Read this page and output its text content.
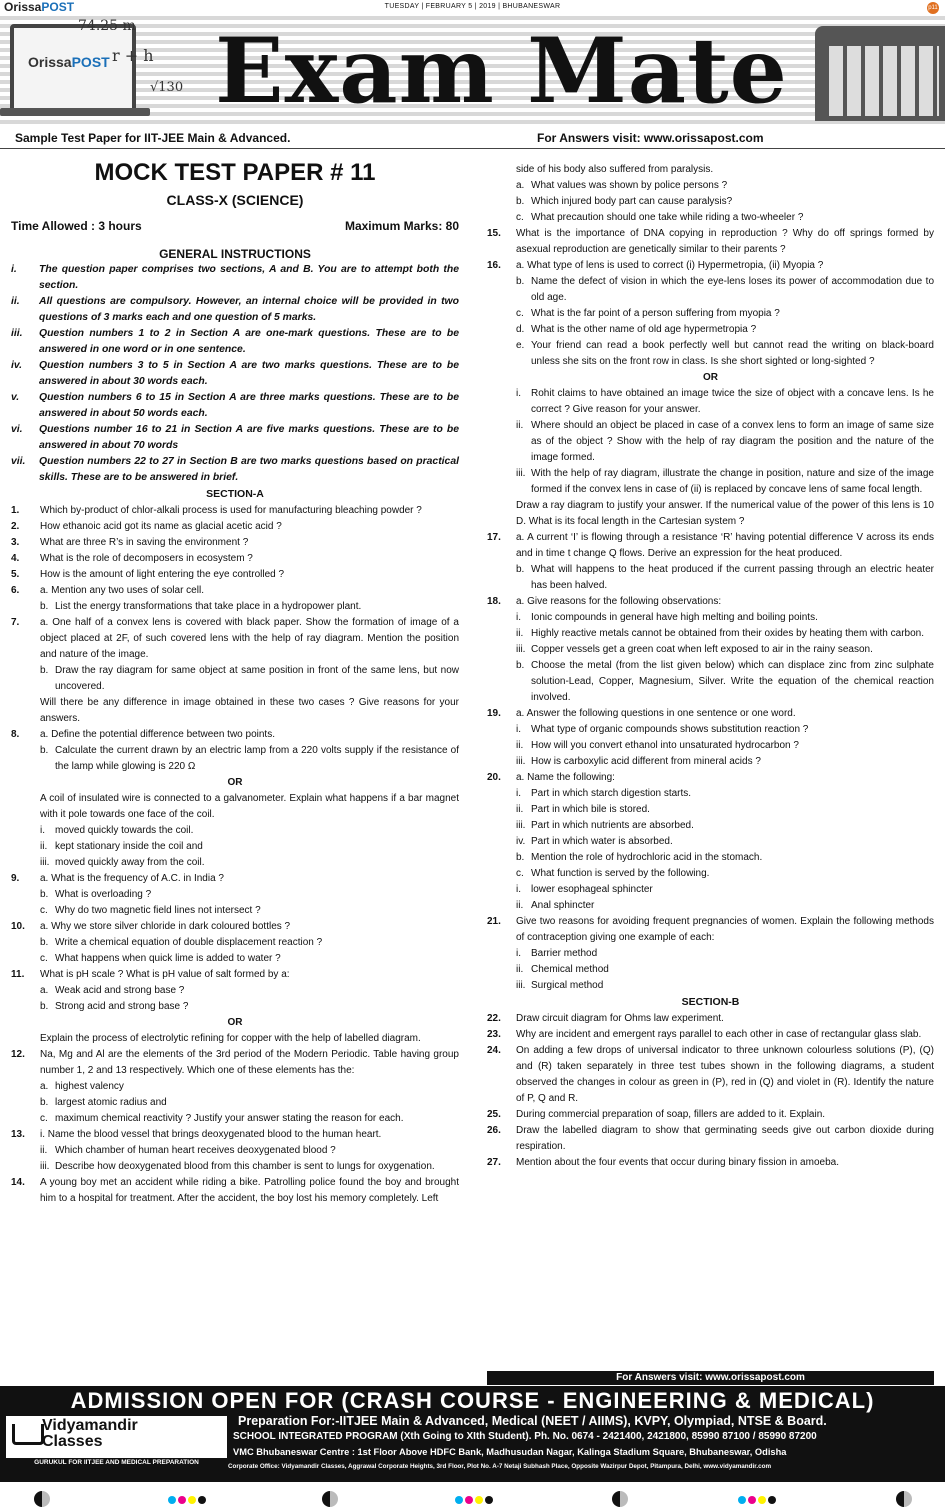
OrissaPOST	TUESDAY | FEBRUARY 5 | 2019 | BHUBANESWAR	p11
OrissaPOST
74.25 m
r + h
√130 Exam Mate
Sample Test Paper for IIT-JEE Main & Advanced.	For Answers visit: www.orissapost.com
MOCK TEST PAPER # 11
CLASS-X (SCIENCE)
Time Allowed : 3 hours	Maximum Marks: 80
GENERAL INSTRUCTIONS
i.	The question paper comprises two sections, A and B. You are to attempt both the section.
ii.	All questions are compulsory. However, an internal choice will be provided in two questions of 3 marks each and one question of 5 marks.
iii.	Question numbers 1 to 2 in Section A are one-mark questions. These are to be answered in one word or in one sentence.
iv.	Question numbers 3 to 5 in Section A are two marks questions. These are to be answered in about 30 words each.
v.	Question numbers 6 to 15 in Section A are three marks questions. These are to be answered in about 50 words each.
vi.	Questions number 16 to 21 in Section A are five marks questions. These are to be answered in about 70 words
vii.	Question numbers 22 to 27 in Section B are two marks questions based on practical skills. These are to be answered in brief.
SECTION-A
1.	Which by-product of chlor-alkali process is used for manufacturing bleaching powder ?
2.	How ethanoic acid got its name as glacial acetic acid ?
3.	What are three R’s in saving the environment ?
4.	What is the role of decomposers in ecosystem ?
5.	How is the amount of light entering the eye controlled ?
6.	a. Mention any two uses of solar cell.
b. List the energy transformations that take place in a hydropower plant.
7.	a. One half of a convex lens is covered with black paper. Show the formation of image of a object placed at 2F, of such covered lens with the help of ray diagram. Mention the position and nature of the image.
b. Draw the ray diagram for same object at same position in front of the same lens, but now uncovered.
Will there be any difference in image obtained in these two cases ? Give reasons for your answers.
8.	a. Define the potential difference between two points.
b. Calculate the current drawn by an electric lamp from a 220 volts supply if the resistance of the lamp while glowing is 220 Ω
OR
A coil of insulated wire is connected to a galvanometer. Explain what happens if a bar magnet with it pole towards one face of the coil.
i.	moved quickly towards the coil.
ii. kept stationary inside the coil and
iii. moved quickly away from the coil.
9.	a. What is the frequency of A.C. in India ?
b. What is overloading ?
c. Why do two magnetic field lines not intersect ?
10.	a. Why we store silver chloride in dark coloured bottles ?
b. Write a chemical equation of double displacement reaction ?
c. What happens when quick lime is added to water ?
11.	What is pH scale ? What is pH value of salt formed by a:
a. Weak acid and strong base ?
b. Strong acid and strong base ?
OR
Explain the process of electrolytic refining for copper with the help of labelled diagram.
12.	Na, Mg and Al are the elements of the 3rd period of the Modern Periodic. Table having group number 1, 2 and 13 respectively. Which one of these elements has the:
a. highest valency
b. largest atomic radius and
c. maximum chemical reactivity ? Justify your answer stating the reason for each.
13.	i. Name the blood vessel that brings deoxygenated blood to the human heart.
ii. Which chamber of human heart receives deoxygenated blood ?
iii. Describe how deoxygenated blood from this chamber is sent to lungs for oxygenation.
14.	A young boy met an accident while riding a bike. Patrolling police found the boy and brought him to a hospital for treatment. After the accident, the boy lost his memory completely. Left
side of his body also suffered from paralysis.
a. What values was shown by police persons ?
b. Which injured body part can cause paralysis?
c. What precaution should one take while riding a two-wheeler ?
15.	What is the importance of DNA copying in reproduction ? Why do off springs formed by asexual reproduction are genetically similar to their parents ?
16.	a. What type of lens is used to correct (i) Hypermetropia, (ii) Myopia ?
b. Name the defect of vision in which the eye-lens loses its power of accommodation due to old age.
c. What is the far point of a person suffering from myopia ?
d. What is the other name of old age hypermetropia ?
e. Your friend can read a book perfectly well but cannot read the writing on black-board unless she sits on the front row in class. Is she short sighted or long-sighted ?
OR
i.	Rohit claims to have obtained an image twice the size of object with a concave lens. Is he correct ? Give reason for your answer.
ii. Where should an object be placed in case of a convex lens to form an image of same size as of the object ? Show with the help of ray diagram the position and the nature of the image formed.
iii. With the help of ray diagram, illustrate the change in position, nature and size of the image formed if the convex lens in case of (ii) is replaced by concave lens of same focal length.
Draw a ray diagram to justify your answer. If the numerical value of the power of this lens is 10 D. What is its focal length in the Cartesian system ?
17.	a. A current ‘I’ is flowing through a resistance ‘R’ having potential difference V across its ends and in time t change Q flows. Derive an expression for the heat produced.
b. What will happens to the heat produced if the current passing through an electric heater has been halved.
18.	a. Give reasons for the following observations:
i.	Ionic compounds in general have high melting and boiling points.
ii. Highly reactive metals cannot be obtained from their oxides by heating them with carbon.
iii. Copper vessels get a green coat when left exposed to air in the rainy season.
b. Choose the metal (from the list given below) which can displace zinc from zinc sulphate solution-Lead, Copper, Magnesium, Silver. Write the equation of the chemical reaction involved.
19.	a. Answer the following questions in one sentence or one word.
i.	What type of organic compounds shows substitution reaction ?
ii. How will you convert ethanol into unsaturated hydrocarbon ?
iii. How is carboxylic acid different from mineral acids ?
20.	a. Name the following:
i.	Part in which starch digestion starts.
ii. Part in which bile is stored.
iii. Part in which nutrients are absorbed.
iv. Part in which water is absorbed.
b. Mention the role of hydrochloric acid in the stomach.
c. What function is served by the following.
i.	lower esophageal sphincter
ii. Anal sphincter
21.	Give two reasons for avoiding frequent pregnancies of women. Explain the following methods of contraception giving one example of each:
i.	Barrier method
ii. Chemical method
iii. Surgical method
SECTION-B
22.	Draw circuit diagram for Ohms law experiment.
23.	Why are incident and emergent rays parallel to each other in case of rectangular glass slab.
24.	On adding a few drops of universal indicator to three unknown colourless solutions (P), (Q) and (R) taken separately in three test tubes shown in the following diagrams, a student observed the changes in colour as green in (P), red in (Q) and violet in (R). Identify the nature of P, Q and R.
25.	During commercial preparation of soap, fillers are added to it. Explain.
26.	Draw the labelled diagram to show that germinating seeds give out carbon dioxide during respiration.
27.	Mention about the four events that occur during binary fission in amoeba.
For Answers visit: www.orissapost.com
ADMISSION OPEN FOR (CRASH COURSE - ENGINEERING & MEDICAL)
Vidyamandir
Classes
GURUKUL FOR IITJEE AND MEDICAL PREPARATION
Preparation For:-IITJEE Main & Advanced, Medical (NEET / AIIMS), KVPY, Olympiad, NTSE & Board.
SCHOOL INTEGRATED PROGRAM (Xth Going to XIth Student). Ph. No. 0674 - 2421400, 2421800, 85990 87100 / 85990 87200
VMC Bhubaneswar Centre : 1st Floor Above HDFC Bank, Madhusudan Nagar, Kalinga Stadium Square, Bhubaneswar, Odisha
Corporate Office: Vidyamandir Classes, Aggrawal Corporate Heights, 3rd Floor, Plot No. A-7 Netaji Subhash Place, Opposite Wazirpur Depot, Pitampura, Delhi, www.vidyamandir.com
